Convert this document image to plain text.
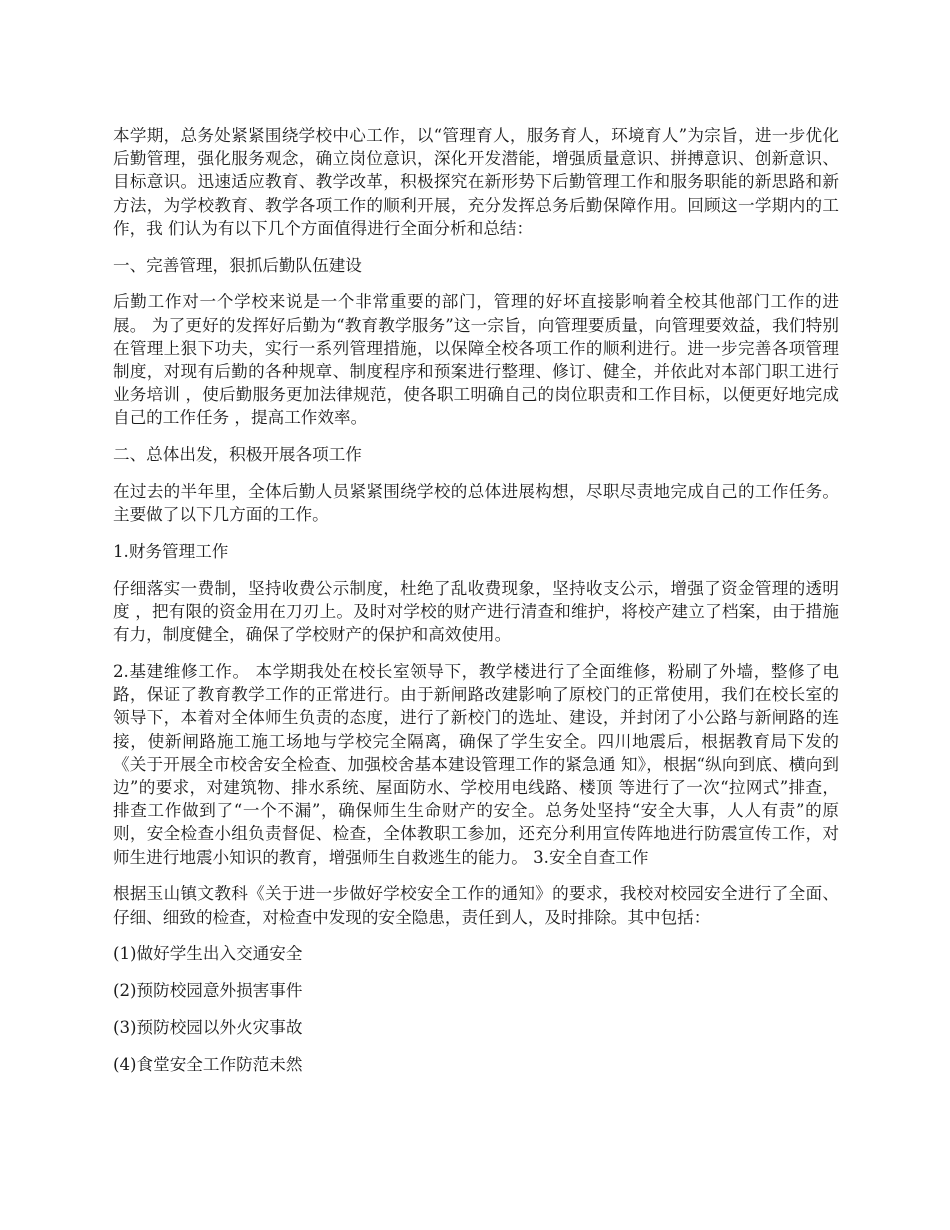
本学期，总务处紧紧围绕学校中心工作，以“管理育人，服务育人，环境育人”为宗旨，进一步优化后勤管理，强化服务观念，确立岗位意识，深化开发潜能，增强质量意识、拼搏意识、创新意识、目标意识。迅速适应教育、教学改革，积极探究在新形势下后勤管理工作和服务职能的新思路和新方法，为学校教育、教学各项工作的顺利开展，充分发挥总务后勤保障作用。回顾这一学期内的工作，我 们认为有以下几个方面值得进行全面分析和总结：

一、完善管理，狠抓后勤队伍建设

后勤工作对一个学校来说是一个非常重要的部门，管理的好坏直接影响着全校其他部门工作的进展。 为了更好的发挥好后勤为“教育教学服务”这一宗旨，向管理要质量，向管理要效益，我们特别在管理上狠下功夫，实行一系列管理措施，以保障全校各项工作的顺利进行。进一步完善各项管理制度，对现有后勤的各种规章、制度程序和预案进行整理、修订、健全，并依此对本部门职工进行业务培训 ，使后勤服务更加法律规范，使各职工明确自己的岗位职责和工作目标，以便更好地完成自己的工作任务 ，提高工作效率。

二、总体出发，积极开展各项工作

在过去的半年里，全体后勤人员紧紧围绕学校的总体进展构想，尽职尽责地完成自己的工作任务。主要做了以下几方面的工作。

1.财务管理工作

仔细落实一费制，坚持收费公示制度，杜绝了乱收费现象，坚持收支公示，增强了资金管理的透明度 ，把有限的资金用在刀刃上。及时对学校的财产进行清查和维护，将校产建立了档案，由于措施有力，制度健全，确保了学校财产的保护和高效使用。

2.基建维修工作。 本学期我处在校长室领导下，教学楼进行了全面维修，粉刷了外墙，整修了电路，保证了教育教学工作的正常进行。由于新闸路改建影响了原校门的正常使用，我们在校长室的领导下，本着对全体师生负责的态度，进行了新校门的选址、建设，并封闭了小公路与新闸路的连接，使新闸路施工施工场地与学校完全隔离，确保了学生安全。四川地震后，根据教育局下发的《关于开展全市校舍安全检查、加强校舍基本建设管理工作的紧急通 知》，根据“纵向到底、横向到边”的要求，对建筑物、排水系统、屋面防水、学校用电线路、楼顶 等进行了一次“拉网式”排查，排查工作做到了“一个不漏”，确保师生生命财产的安全。总务处坚持“安全大事，人人有责”的原则，安全检查小组负责督促、检查，全体教职工参加，还充分利用宣传阵地进行防震宣传工作，对师生进行地震小知识的教育，增强师生自救逃生的能力。 3.安全自查工作

根据玉山镇文教科《关于进一步做好学校安全工作的通知》的要求，我校对校园安全进行了全面、仔细、细致的检查，对检查中发现的安全隐患，责任到人，及时排除。其中包括：

(1)做好学生出入交通安全

(2)预防校园意外损害事件

(3)预防校园以外火灾事故

(4)食堂安全工作防范未然
